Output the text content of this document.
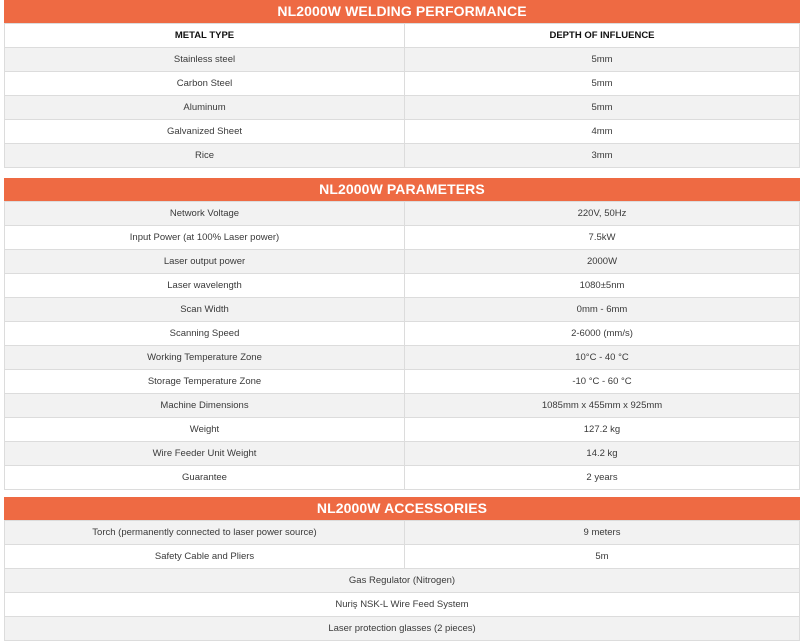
NL2000W WELDING PERFORMANCE
METAL TYPE	DEPTH OF INFLUENCE
Stainless steel	5mm
Carbon Steel	5mm
Aluminum	5mm
Galvanized Sheet	4mm
Rice	3mm
NL2000W PARAMETERS
Network Voltage	220V, 50Hz
Input Power (at 100% Laser power)	7.5kW
Laser output power	2000W
Laser wavelength	1080±5nm
Scan Width	0mm - 6mm
Scanning Speed	2-6000 (mm/s)
Working Temperature Zone	10°C - 40 °C
Storage Temperature Zone	-10 °C - 60 °C
Machine Dimensions	1085mm x 455mm x 925mm
Weight	127.2 kg
Wire Feeder Unit Weight	14.2 kg
Guarantee	2 years
NL2000W ACCESSORIES
Torch (permanently connected to laser power source)	9 meters
Safety Cable and Pliers	5m
Gas Regulator (Nitrogen)	
Nuriş NSK-L Wire Feed System	
Laser protection glasses (2 pieces)	
